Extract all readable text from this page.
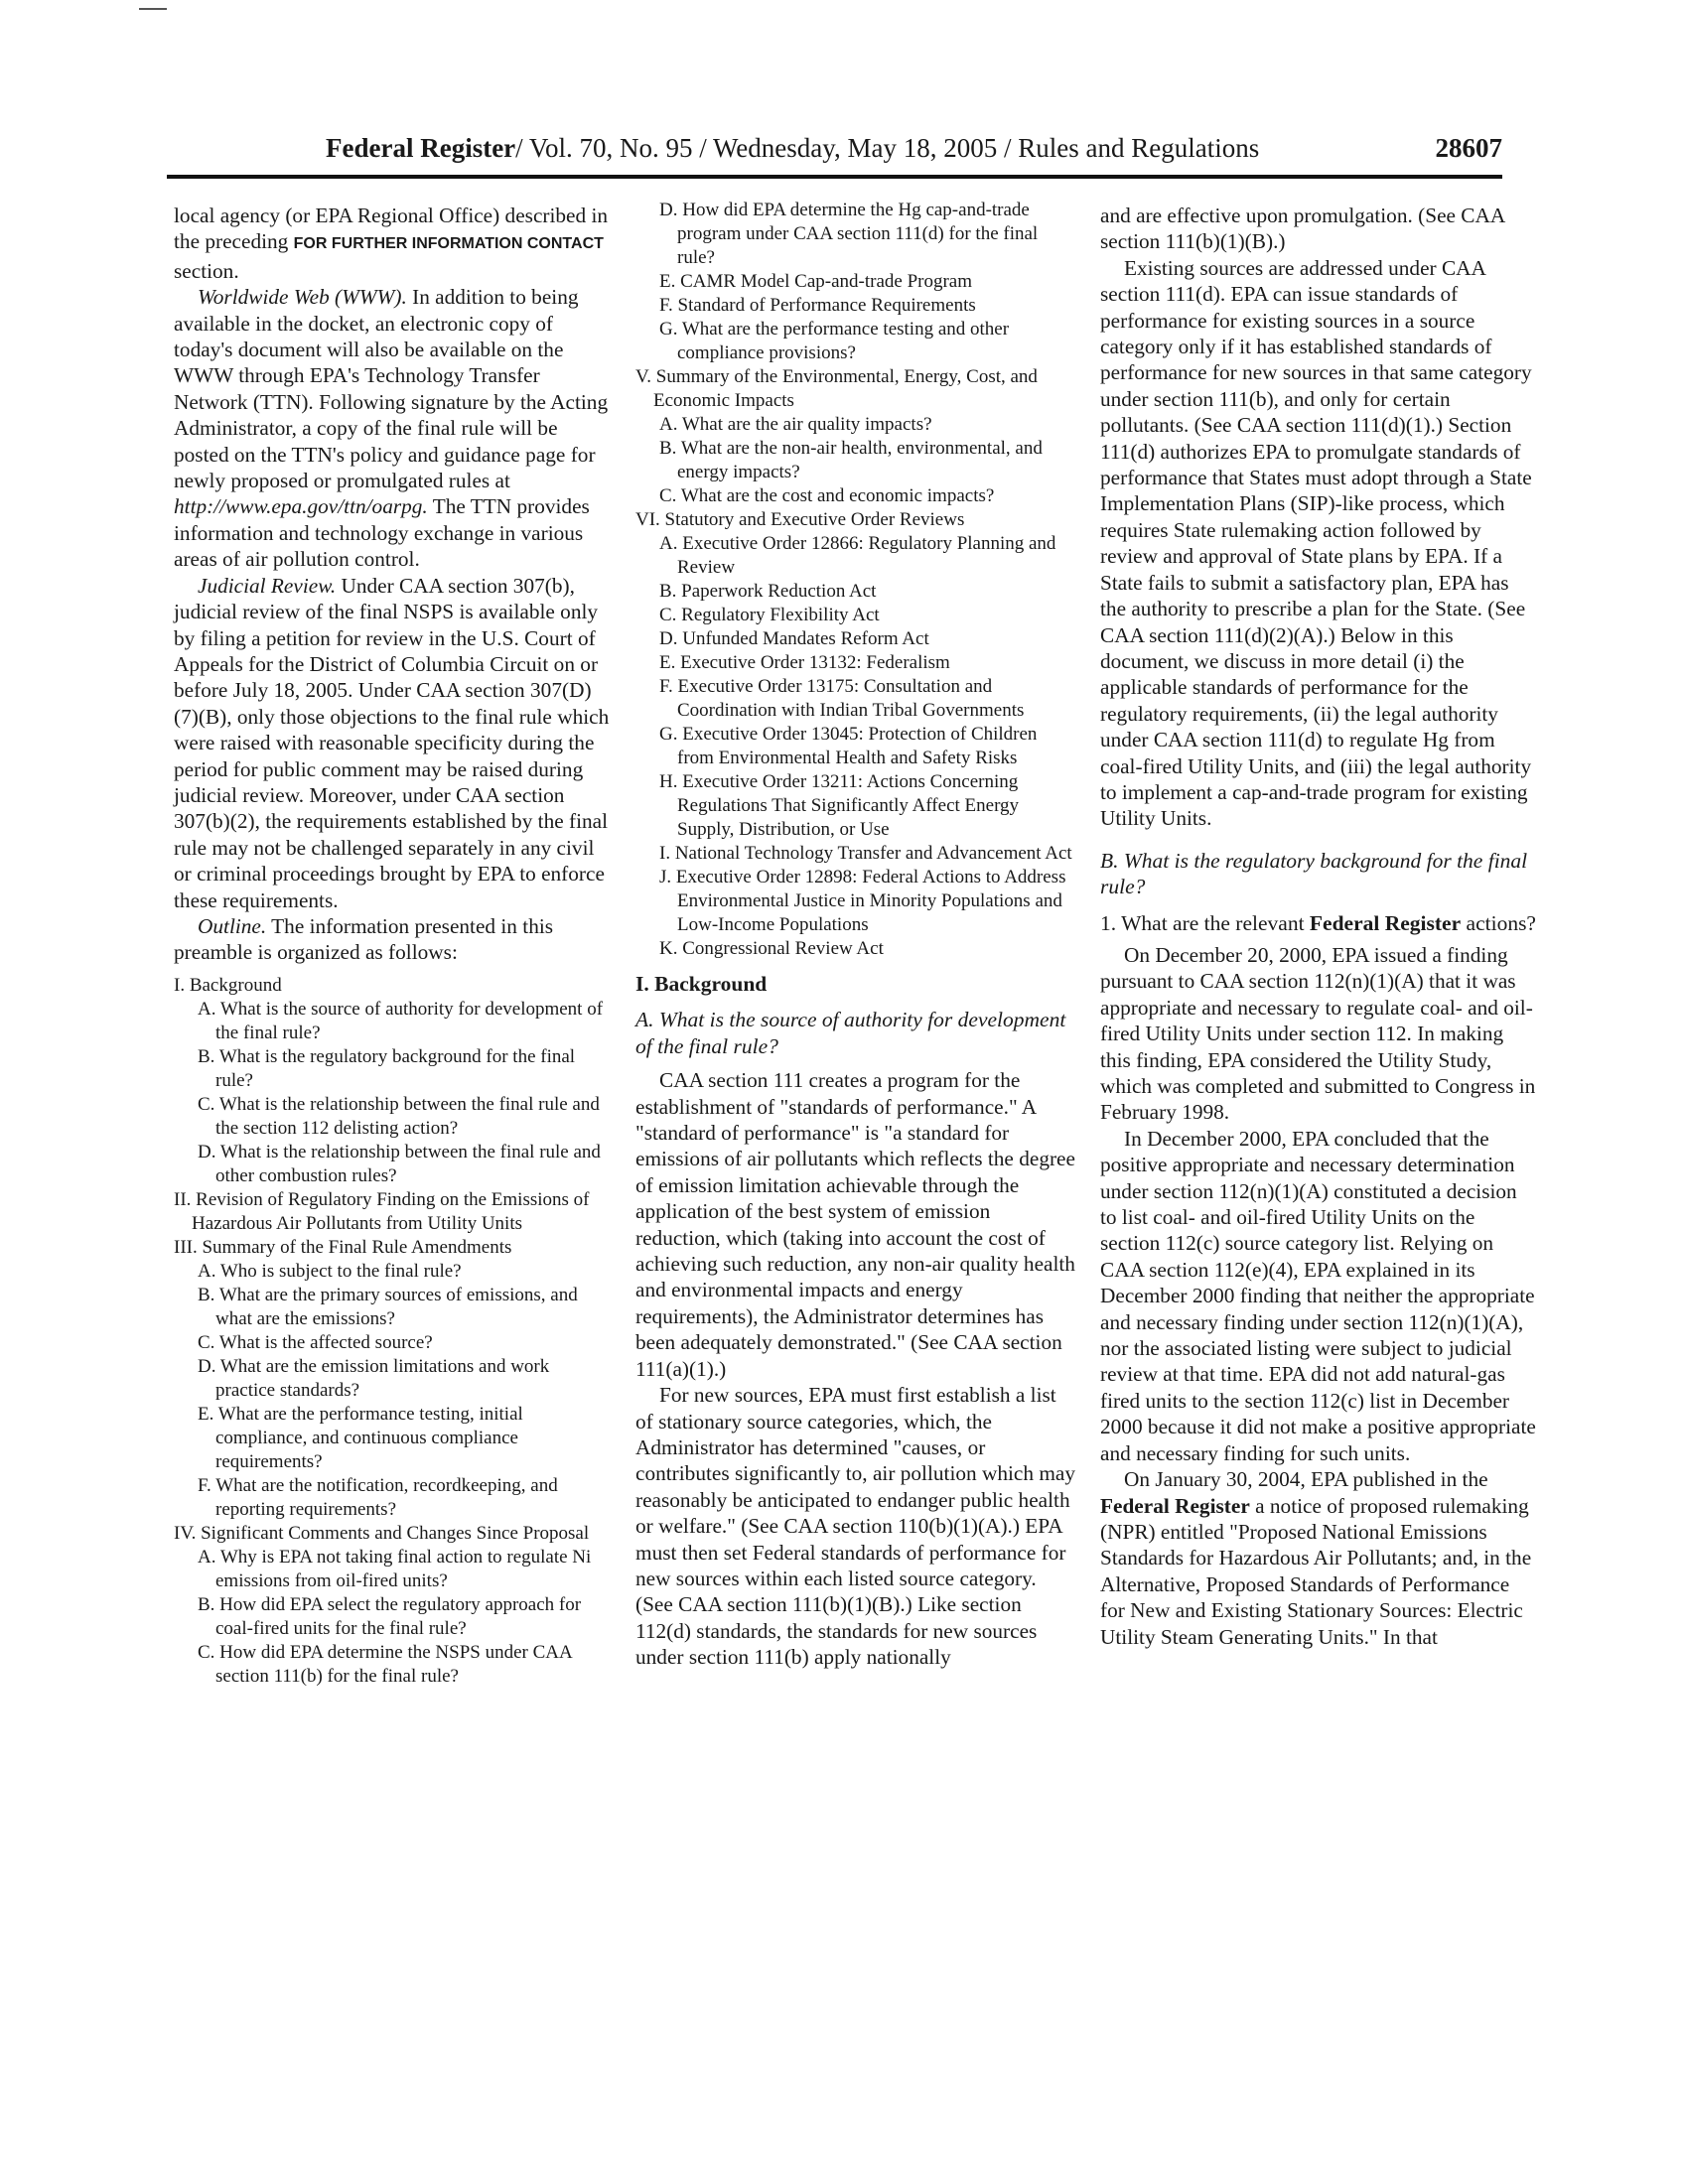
Federal Register/ Vol. 70, No. 95 / Wednesday, May 18, 2005 / Rules and Regulations	28607

local agency (or EPA Regional Office) described in the preceding FOR FURTHER INFORMATION CONTACT section.

Worldwide Web (WWW). In addition to being available in the docket, an electronic copy of today's document will also be available on the WWW through EPA's Technology Transfer Network (TTN). Following signature by the Acting Administrator, a copy of the final rule will be posted on the TTN's policy and guidance page for newly proposed or promulgated rules at http://www.epa.gov/ttn/oarpg. The TTN provides information and technology exchange in various areas of air pollution control.

Judicial Review. Under CAA section 307(b), judicial review of the final NSPS is available only by filing a petition for review in the U.S. Court of Appeals for the District of Columbia Circuit on or before July 18, 2005. Under CAA section 307(D)(7)(B), only those objections to the final rule which were raised with reasonable specificity during the period for public comment may be raised during judicial review. Moreover, under CAA section 307(b)(2), the requirements established by the final rule may not be challenged separately in any civil or criminal proceedings brought by EPA to enforce these requirements.

Outline. The information presented in this preamble is organized as follows:

I. Background
A. What is the source of authority for development of the final rule?
B. What is the regulatory background for the final rule?
C. What is the relationship between the final rule and the section 112 delisting action?
D. What is the relationship between the final rule and other combustion rules?
II. Revision of Regulatory Finding on the Emissions of Hazardous Air Pollutants from Utility Units
III. Summary of the Final Rule Amendments
A. Who is subject to the final rule?
B. What are the primary sources of emissions, and what are the emissions?
C. What is the affected source?
D. What are the emission limitations and work practice standards?
E. What are the performance testing, initial compliance, and continuous compliance requirements?
F. What are the notification, recordkeeping, and reporting requirements?
IV. Significant Comments and Changes Since Proposal
A. Why is EPA not taking final action to regulate Ni emissions from oil-fired units?
B. How did EPA select the regulatory approach for coal-fired units for the final rule?
C. How did EPA determine the NSPS under CAA section 111(b) for the final rule?
D. How did EPA determine the Hg cap-and-trade program under CAA section 111(d) for the final rule?
E. CAMR Model Cap-and-trade Program
F. Standard of Performance Requirements
G. What are the performance testing and other compliance provisions?
V. Summary of the Environmental, Energy, Cost, and Economic Impacts
A. What are the air quality impacts?
B. What are the non-air health, environmental, and energy impacts?
C. What are the cost and economic impacts?
VI. Statutory and Executive Order Reviews
A. Executive Order 12866: Regulatory Planning and Review
B. Paperwork Reduction Act
C. Regulatory Flexibility Act
D. Unfunded Mandates Reform Act
E. Executive Order 13132: Federalism
F. Executive Order 13175: Consultation and Coordination with Indian Tribal Governments
G. Executive Order 13045: Protection of Children from Environmental Health and Safety Risks
H. Executive Order 13211: Actions Concerning Regulations That Significantly Affect Energy Supply, Distribution, or Use
I. National Technology Transfer and Advancement Act
J. Executive Order 12898: Federal Actions to Address Environmental Justice in Minority Populations and Low-Income Populations
K. Congressional Review Act
I. Background
A. What is the source of authority for development of the final rule?

CAA section 111 creates a program for the establishment of "standards of performance." A "standard of performance" is "a standard for emissions of air pollutants which reflects the degree of emission limitation achievable through the application of the best system of emission reduction, which (taking into account the cost of achieving such reduction, any non-air quality health and environmental impacts and energy requirements), the Administrator determines has been adequately demonstrated." (See CAA section 111(a)(1).)

For new sources, EPA must first establish a list of stationary source categories, which, the Administrator has determined "causes, or contributes significantly to, air pollution which may reasonably be anticipated to endanger public health or welfare." (See CAA section 110(b)(1)(A).) EPA must then set Federal standards of performance for new sources within each listed source category. (See CAA section 111(b)(1)(B).) Like section 112(d) standards, the standards for new sources under section 111(b) apply nationally

and are effective upon promulgation. (See CAA section 111(b)(1)(B).)

Existing sources are addressed under CAA section 111(d). EPA can issue standards of performance for existing sources in a source category only if it has established standards of performance for new sources in that same category under section 111(b), and only for certain pollutants. (See CAA section 111(d)(1).) Section 111(d) authorizes EPA to promulgate standards of performance that States must adopt through a State Implementation Plans (SIP)-like process, which requires State rulemaking action followed by review and approval of State plans by EPA. If a State fails to submit a satisfactory plan, EPA has the authority to prescribe a plan for the State. (See CAA section 111(d)(2)(A).) Below in this document, we discuss in more detail (i) the applicable standards of performance for the regulatory requirements, (ii) the legal authority under CAA section 111(d) to regulate Hg from coal-fired Utility Units, and (iii) the legal authority to implement a cap-and-trade program for existing Utility Units.

B. What is the regulatory background for the final rule?
1. What are the relevant Federal Register actions?

On December 20, 2000, EPA issued a finding pursuant to CAA section 112(n)(1)(A) that it was appropriate and necessary to regulate coal- and oil-fired Utility Units under section 112. In making this finding, EPA considered the Utility Study, which was completed and submitted to Congress in February 1998.

In December 2000, EPA concluded that the positive appropriate and necessary determination under section 112(n)(1)(A) constituted a decision to list coal- and oil-fired Utility Units on the section 112(c) source category list. Relying on CAA section 112(e)(4), EPA explained in its December 2000 finding that neither the appropriate and necessary finding under section 112(n)(1)(A), nor the associated listing were subject to judicial review at that time. EPA did not add natural-gas fired units to the section 112(c) list in December 2000 because it did not make a positive appropriate and necessary finding for such units.

On January 30, 2004, EPA published in the Federal Register a notice of proposed rulemaking (NPR) entitled "Proposed National Emissions Standards for Hazardous Air Pollutants; and, in the Alternative, Proposed Standards of Performance for New and Existing Stationary Sources: Electric Utility Steam Generating Units." In that
